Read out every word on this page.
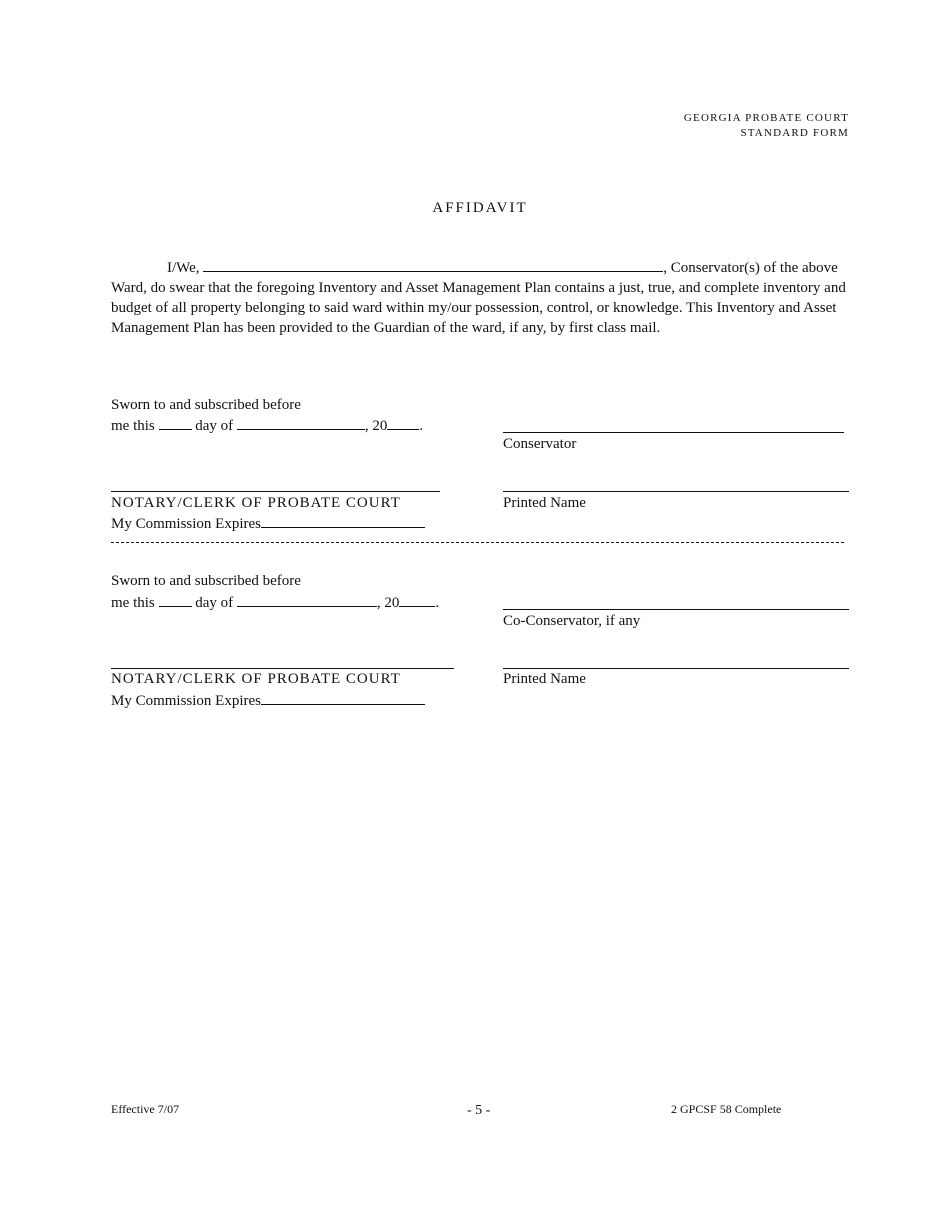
GEORGIA PROBATE COURT
STANDARD FORM
AFFIDAVIT
I/We,	, Conservator(s) of the above Ward, do swear that the foregoing Inventory and Asset Management Plan contains a just, true, and complete inventory and budget of all property belonging to said ward within my/our possession, control, or knowledge. This Inventory and Asset Management Plan has been provided to the Guardian of the ward, if any, by first class mail.
Sworn to and subscribed before
me this	day of	, 20 .
Conservator
NOTARY/CLERK OF PROBATE COURT	Printed Name
My Commission Expires
Sworn to and subscribed before
me this	day of	, 20 .
Co-Conservator, if any
NOTARY/CLERK OF PROBATE COURT	Printed Name
My Commission Expires
Effective 7/07	- 5 -	2 GPCSF 58 Complete
